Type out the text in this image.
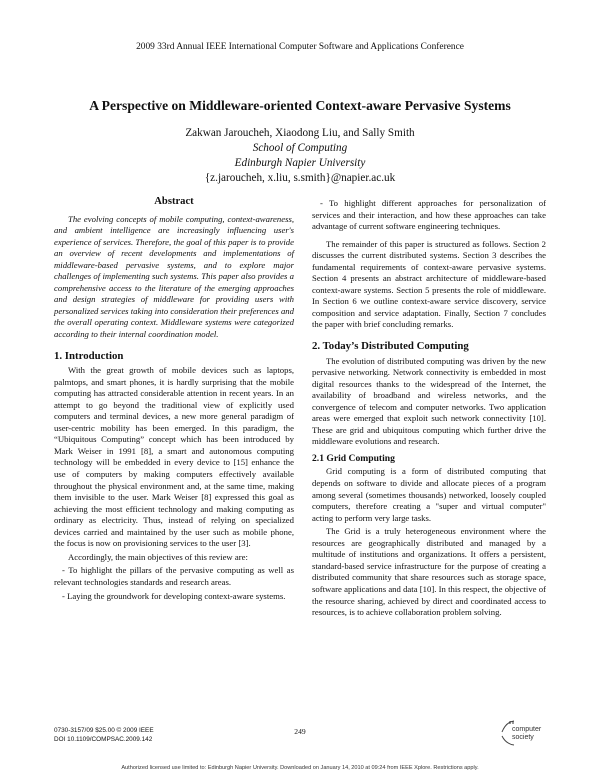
2009 33rd Annual IEEE International Computer Software and Applications Conference
A Perspective on Middleware-oriented Context-aware Pervasive Systems
Zakwan Jaroucheh, Xiaodong Liu, and Sally Smith
School of Computing
Edinburgh Napier University
{z.jaroucheh, x.liu, s.smith}@napier.ac.uk
Abstract

The evolving concepts of mobile computing, context-awareness, and ambient intelligence are increasingly influencing user's experience of services. Therefore, the goal of this paper is to provide an overview of recent developments and implementations of middleware-based pervasive systems, and to explore major challenges of implementing such systems. This paper also provides a comprehensive access to the literature of the emerging approaches and design strategies of middleware for providing users with personalized services taking into consideration their preferences and the overall operating context. Middleware systems were categorized according to their internal coordination model.

1. Introduction

With the great growth of mobile devices such as laptops, palmtops, and smart phones, it is hardly surprising that the mobile computing has attracted considerable attention in recent years. In an attempt to go beyond the traditional view of explicitly used computers and terminal devices, a new more general paradigm of user-centric mobility has been emerged. In this paradigm, the “Ubiquitous Computing” concept which has been introduced by Mark Weiser in 1991 [8], a smart and autonomous computing technology will be embedded in every device to [15] enhance the use of computers by making computers effectively available throughout the physical environment and, at the same time, making them invisible to the user. Mark Weiser [8] expressed this goal as achieving the most efficient technology and making computing as ordinary as electricity. Thus, instead of relying on specialized devices carried and maintained by the user such as mobile phone, the focus is now on provisioning services to the user [3].

Accordingly, the main objectives of this review are:

- To highlight the pillars of the pervasive computing as well as relevant technologies standards and research areas.

- Laying the groundwork for developing context-aware systems.

- To highlight different approaches for personalization of services and their interaction, and how these approaches can take advantage of current software engineering techniques.

The remainder of this paper is structured as follows. Section 2 discusses the current distributed systems. Section 3 describes the fundamental requirements of context-aware pervasive systems. Section 4 presents an abstract architecture of middleware-based context-aware systems. Section 5 presents the role of middleware. In Section 6 we outline context-aware service discovery, service composition and service adaptation. Finally, Section 7 concludes the paper with brief concluding remarks.

2. Today’s Distributed Computing

The evolution of distributed computing was driven by the new pervasive networking. Network connectivity is embedded in most digital resources thanks to the widespread of the Internet, the availability of broadband and wireless networks, and the convergence of telecom and computer networks. Two application areas were emerged that exploit such network connectivity [10]. These are grid and ubiquitous computing which further drive the middleware evolutions and research.

2.1 Grid Computing

Grid computing is a form of distributed computing that depends on software to divide and allocate pieces of a program among several (sometimes thousands) networked, loosely coupled computers, therefore creating a "super and virtual computer" acting to perform very large tasks.

The Grid is a truly heterogeneous environment where the resources are geographically distributed and managed by a multitude of institutions and organizations. It offers a persistent, standard-based service infrastructure for the purpose of creating a distributed community that share resources such as storage space, software applications and data [10]. In this respect, the objective of the resource sharing, achieved by direct and coordinated access to resources, is to achieve collaboration problem solving.

0730-3157/09 $25.00 © 2009 IEEE
DOI 10.1109/COMPSAC.2009.142
249	computer
society
Authorized licensed use limited to: Edinburgh Napier University. Downloaded on January 14, 2010 at 09:24 from IEEE Xplore. Restrictions apply.
